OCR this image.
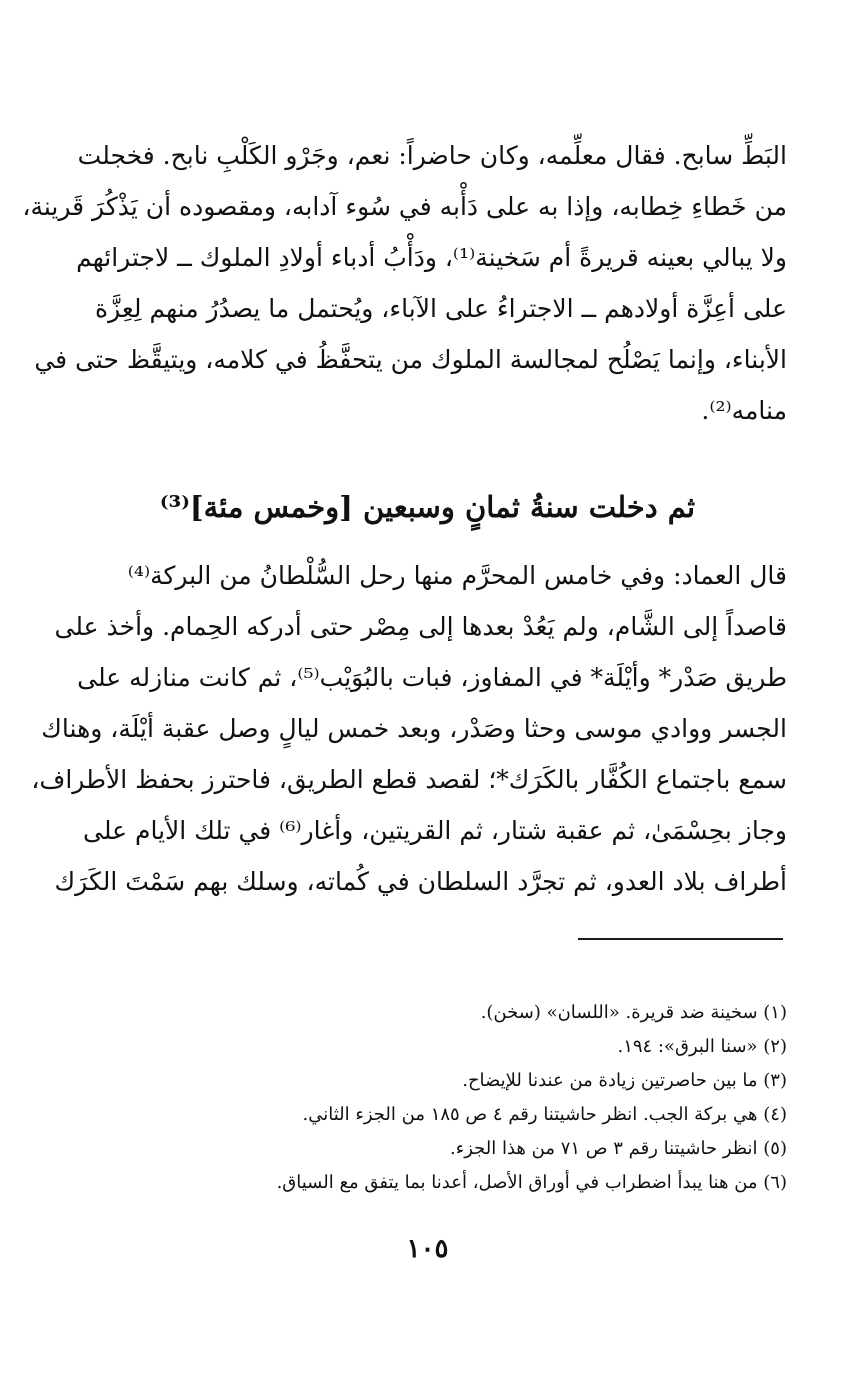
البَطِّ سابح. فقال معلِّمه، وكان حاضراً: نعم، وجَرْو الكَلْبِ نابح. فخجلت
من خَطاءِ خِطابه، وإذا به على دَأْبه في سُوء آدابه، ومقصوده أن يَذْكُرَ قَرينة،
ولا يبالي بعينه قريرةً أم سَخينة⁽¹⁾، ودَأْبُ أدباء أولادِ الملوك ــ لاجترائهم
على أعِزَّة أولادهم ــ الاجتراءُ على الآباء، ويُحتمل ما يصدُرُ منهم لِعِزَّة
الأبناء، وإنما يَصْلُح لمجالسة الملوك من يتحفَّظُ في كلامه، ويتيقَّظ حتى في
منامه⁽²⁾.
ثم دخلت سنةُ ثمانٍ وسبعين [وخمس مئة]⁽³⁾
قال العماد: وفي خامس المحرَّم منها رحل السُّلْطانُ من البركة⁽⁴⁾
قاصداً إلى الشَّام، ولم يَعُدْ بعدها إلى مِصْر حتى أدركه الحِمام. وأخذ على
طريق صَدْر* وأيْلَة* في المفاوز، فبات بالبُوَيْب⁽⁵⁾، ثم كانت منازله على
الجسر ووادي موسى وحثا وصَدْر، وبعد خمس ليالٍ وصل عقبة أيْلَة، وهناك
سمع باجتماع الكُفَّار بالكَرَك*؛ لقصد قطع الطريق، فاحترز بحفظ الأطراف،
وجاز بحِسْمَىٰ، ثم عقبة شتار، ثم القريتين، وأغار⁽⁶⁾ في تلك الأيام على
أطراف بلاد العدو، ثم تجرَّد السلطان في كُماته، وسلك بهم سَمْتَ الكَرَك
(١) سخينة ضد قريرة. «اللسان» (سخن).
(٢) «سنا البرق»: ١٩٤.
(٣) ما بين حاصرتين زيادة من عندنا للإيضاح.
(٤) هي بركة الجب. انظر حاشيتنا رقم ٤ ص ١٨٥ من الجزء الثاني.
(٥) انظر حاشيتنا رقم ٣ ص ٧١ من هذا الجزء.
(٦) من هنا يبدأ اضطراب في أوراق الأصل، أعدنا بما يتفق مع السياق.
١٠٥
